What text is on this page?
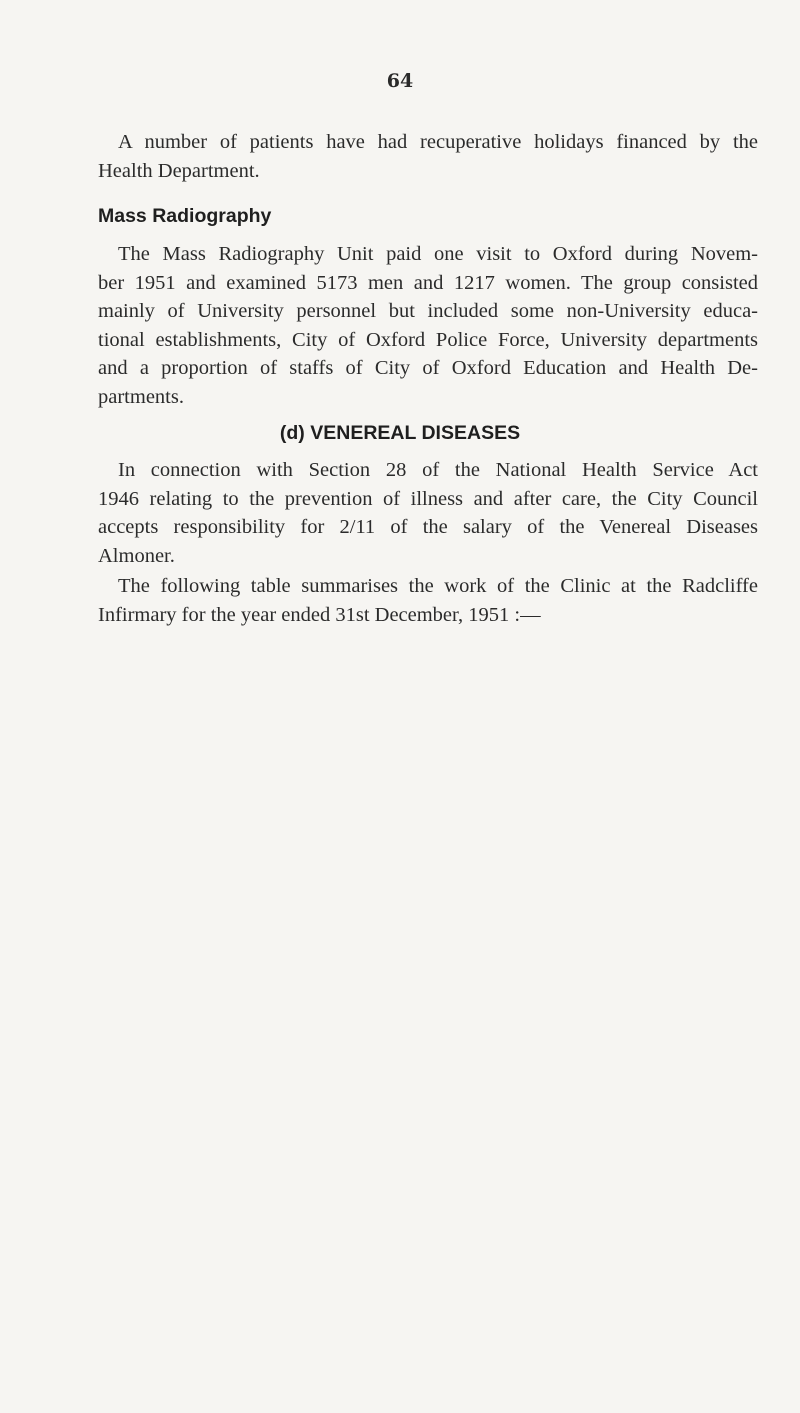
64
A number of patients have had recuperative holidays financed by the
Health Department.
Mass Radiography
The Mass Radiography Unit paid one visit to Oxford during Novem-
ber 1951 and examined 5173 men and 1217 women. The group consisted
mainly of University personnel but included some non-University educa-
tional establishments, City of Oxford Police Force, University departments
and a proportion of staffs of City of Oxford Education and Health De-
partments.
(d) VENEREAL DISEASES
In connection with Section 28 of the National Health Service Act
1946 relating to the prevention of illness and after care, the City Council
accepts responsibility for 2/11 of the salary of the Venereal Diseases
Almoner.
The following table summarises the work of the Clinic at the Radcliffe
Infirmary for the year ended 31st December, 1951 :—
